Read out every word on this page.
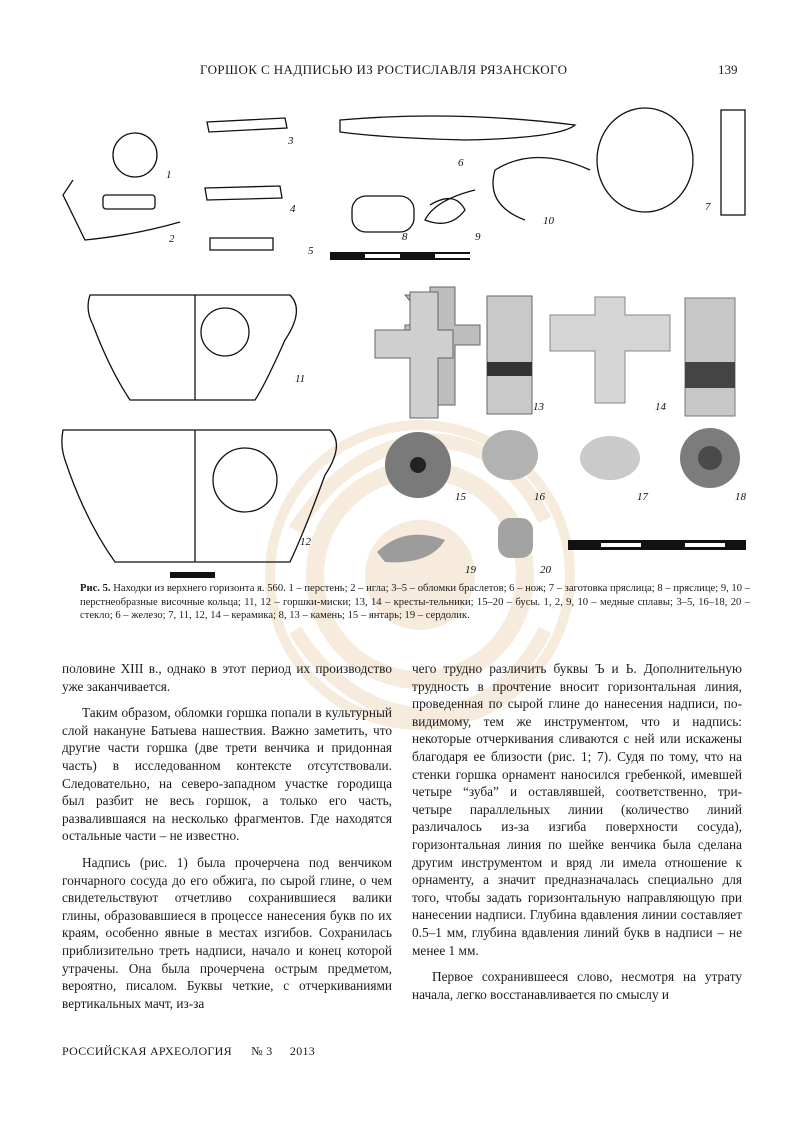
ГОРШОК С НАДПИСЬЮ ИЗ РОСТИСЛАВЛЯ РЯЗАНСКОГО	139
1
2
3
4
5
6
7
8	9
10
11
12
13	14
15	16	17	18
19	20
Рис. 5. Находки из верхнего горизонта я. 560. 1 – перстень; 2 – игла; 3–5 – обломки браслетов; 6 – нож; 7 – заготовка пряслица; 8 – пряслице; 9, 10 – перстнеобразные височные кольца; 11, 12 – горшки-миски; 13, 14 – кресты-тельники; 15–20 – бусы. 1, 2, 9, 10 – медные сплавы; 3–5, 16–18, 20 – стекло; 6 – железо; 7, 11, 12, 14 – керамика; 8, 13 – камень; 15 – янтарь; 19 – сердолик.

половине XIII в., однако в этот период их производство уже заканчивается.

Таким образом, обломки горшка попали в культурный слой накануне Батыева нашествия. Важно заметить, что другие части горшка (две трети венчика и придонная часть) в исследованном контексте отсутствовали. Следовательно, на северо-западном участке городища был разбит не весь горшок, а только его часть, развалившаяся на несколько фрагментов. Где находятся остальные части – не известно.

Надпись (рис. 1) была прочерчена под венчиком гончарного сосуда до его обжига, по сырой глине, о чем свидетельствуют отчетливо сохранившиеся валики глины, образовавшиеся в процессе нанесения букв по их краям, особенно явные в местах изгибов. Сохранилась приблизительно треть надписи, начало и конец которой утрачены. Она была прочерчена острым предметом, вероятно, писалом. Буквы четкие, с отчеркиваниями вертикальных мачт, из-за

чего трудно различить буквы Ъ и Ь. Дополнительную трудность в прочтение вносит горизонтальная линия, проведенная по сырой глине до нанесения надписи, по-видимому, тем же инструментом, что и надпись: некоторые отчеркивания сливаются с ней или искажены благодаря ее близости (рис. 1; 7). Судя по тому, что на стенки горшка орнамент наносился гребенкой, имевшей четыре “зуба” и оставлявшей, соответственно, три-четыре параллельных линии (количество линий различалось из-за изгиба поверхности сосуда), горизонтальная линия по шейке венчика была сделана другим инструментом и вряд ли имела отношение к орнаменту, а значит предназначалась специально для того, чтобы задать горизонтальную направляющую при нанесении надписи. Глубина вдавления линии составляет 0.5–1 мм, глубина вдавления линий букв в надписи – не менее 1 мм.

Первое сохранившееся слово, несмотря на утрату начала, легко восстанавливается по смыслу и

РОССИЙСКАЯ АРХЕОЛОГИЯ № 3 2013
